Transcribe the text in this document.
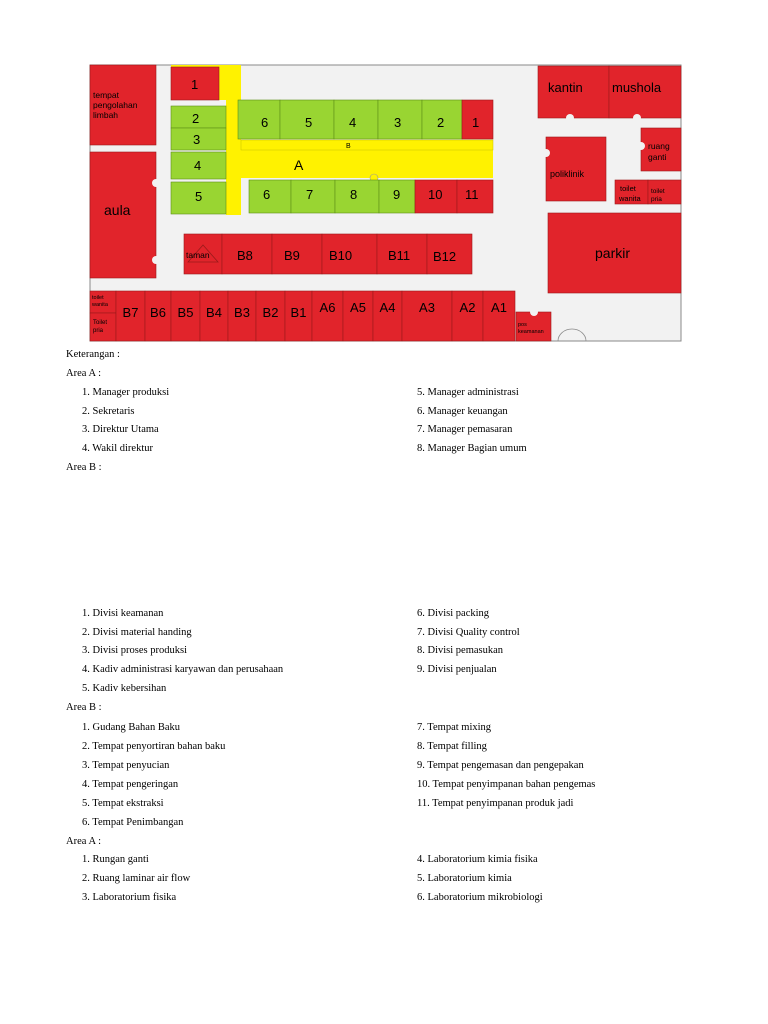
tempat
pengolahan
limbah
aula
B
A
1
2
3
4
5
6	5	4	3	2 1
6	7	8	9 10 11
taman B8 B9 B10	B11 B12
kantin mushola
poliklinik
ruang
ganti
toilet
wanita
toilet
pria
parkir
toilet
wanita
Toilet
pria
B7 B6 B5 B4 B3 B2 B1 A6 A5 A4 A3 A2 A1
pos
keamanan
Keterangan :
Area A :
1. Manager produksi
2. Sekretaris
3. Direktur Utama
4. Wakil direktur
5. Manager administrasi
6. Manager keuangan
7. Manager pemasaran
8. Manager Bagian umum
Area B :
1. Divisi keamanan
2. Divisi material handing
3. Divisi proses produksi
4. Kadiv administrasi karyawan dan perusahaan
5. Kadiv kebersihan
6. Divisi packing
7. Divisi Quality control
8. Divisi pemasukan
9. Divisi penjualan
Area B :
1. Gudang Bahan Baku
2. Tempat penyortiran bahan baku
3. Tempat penyucian
4. Tempat pengeringan
5. Tempat ekstraksi
6. Tempat Penimbangan
7. Tempat mixing
8. Tempat filling
9. Tempat pengemasan dan pengepakan
10. Tempat penyimpanan bahan pengemas
11. Tempat penyimpanan produk jadi
Area A :
1. Rungan ganti
2. Ruang laminar air flow
3. Laboratorium fisika
4. Laboratorium kimia fisika
5. Laboratorium kimia
6. Laboratorium mikrobiologi
